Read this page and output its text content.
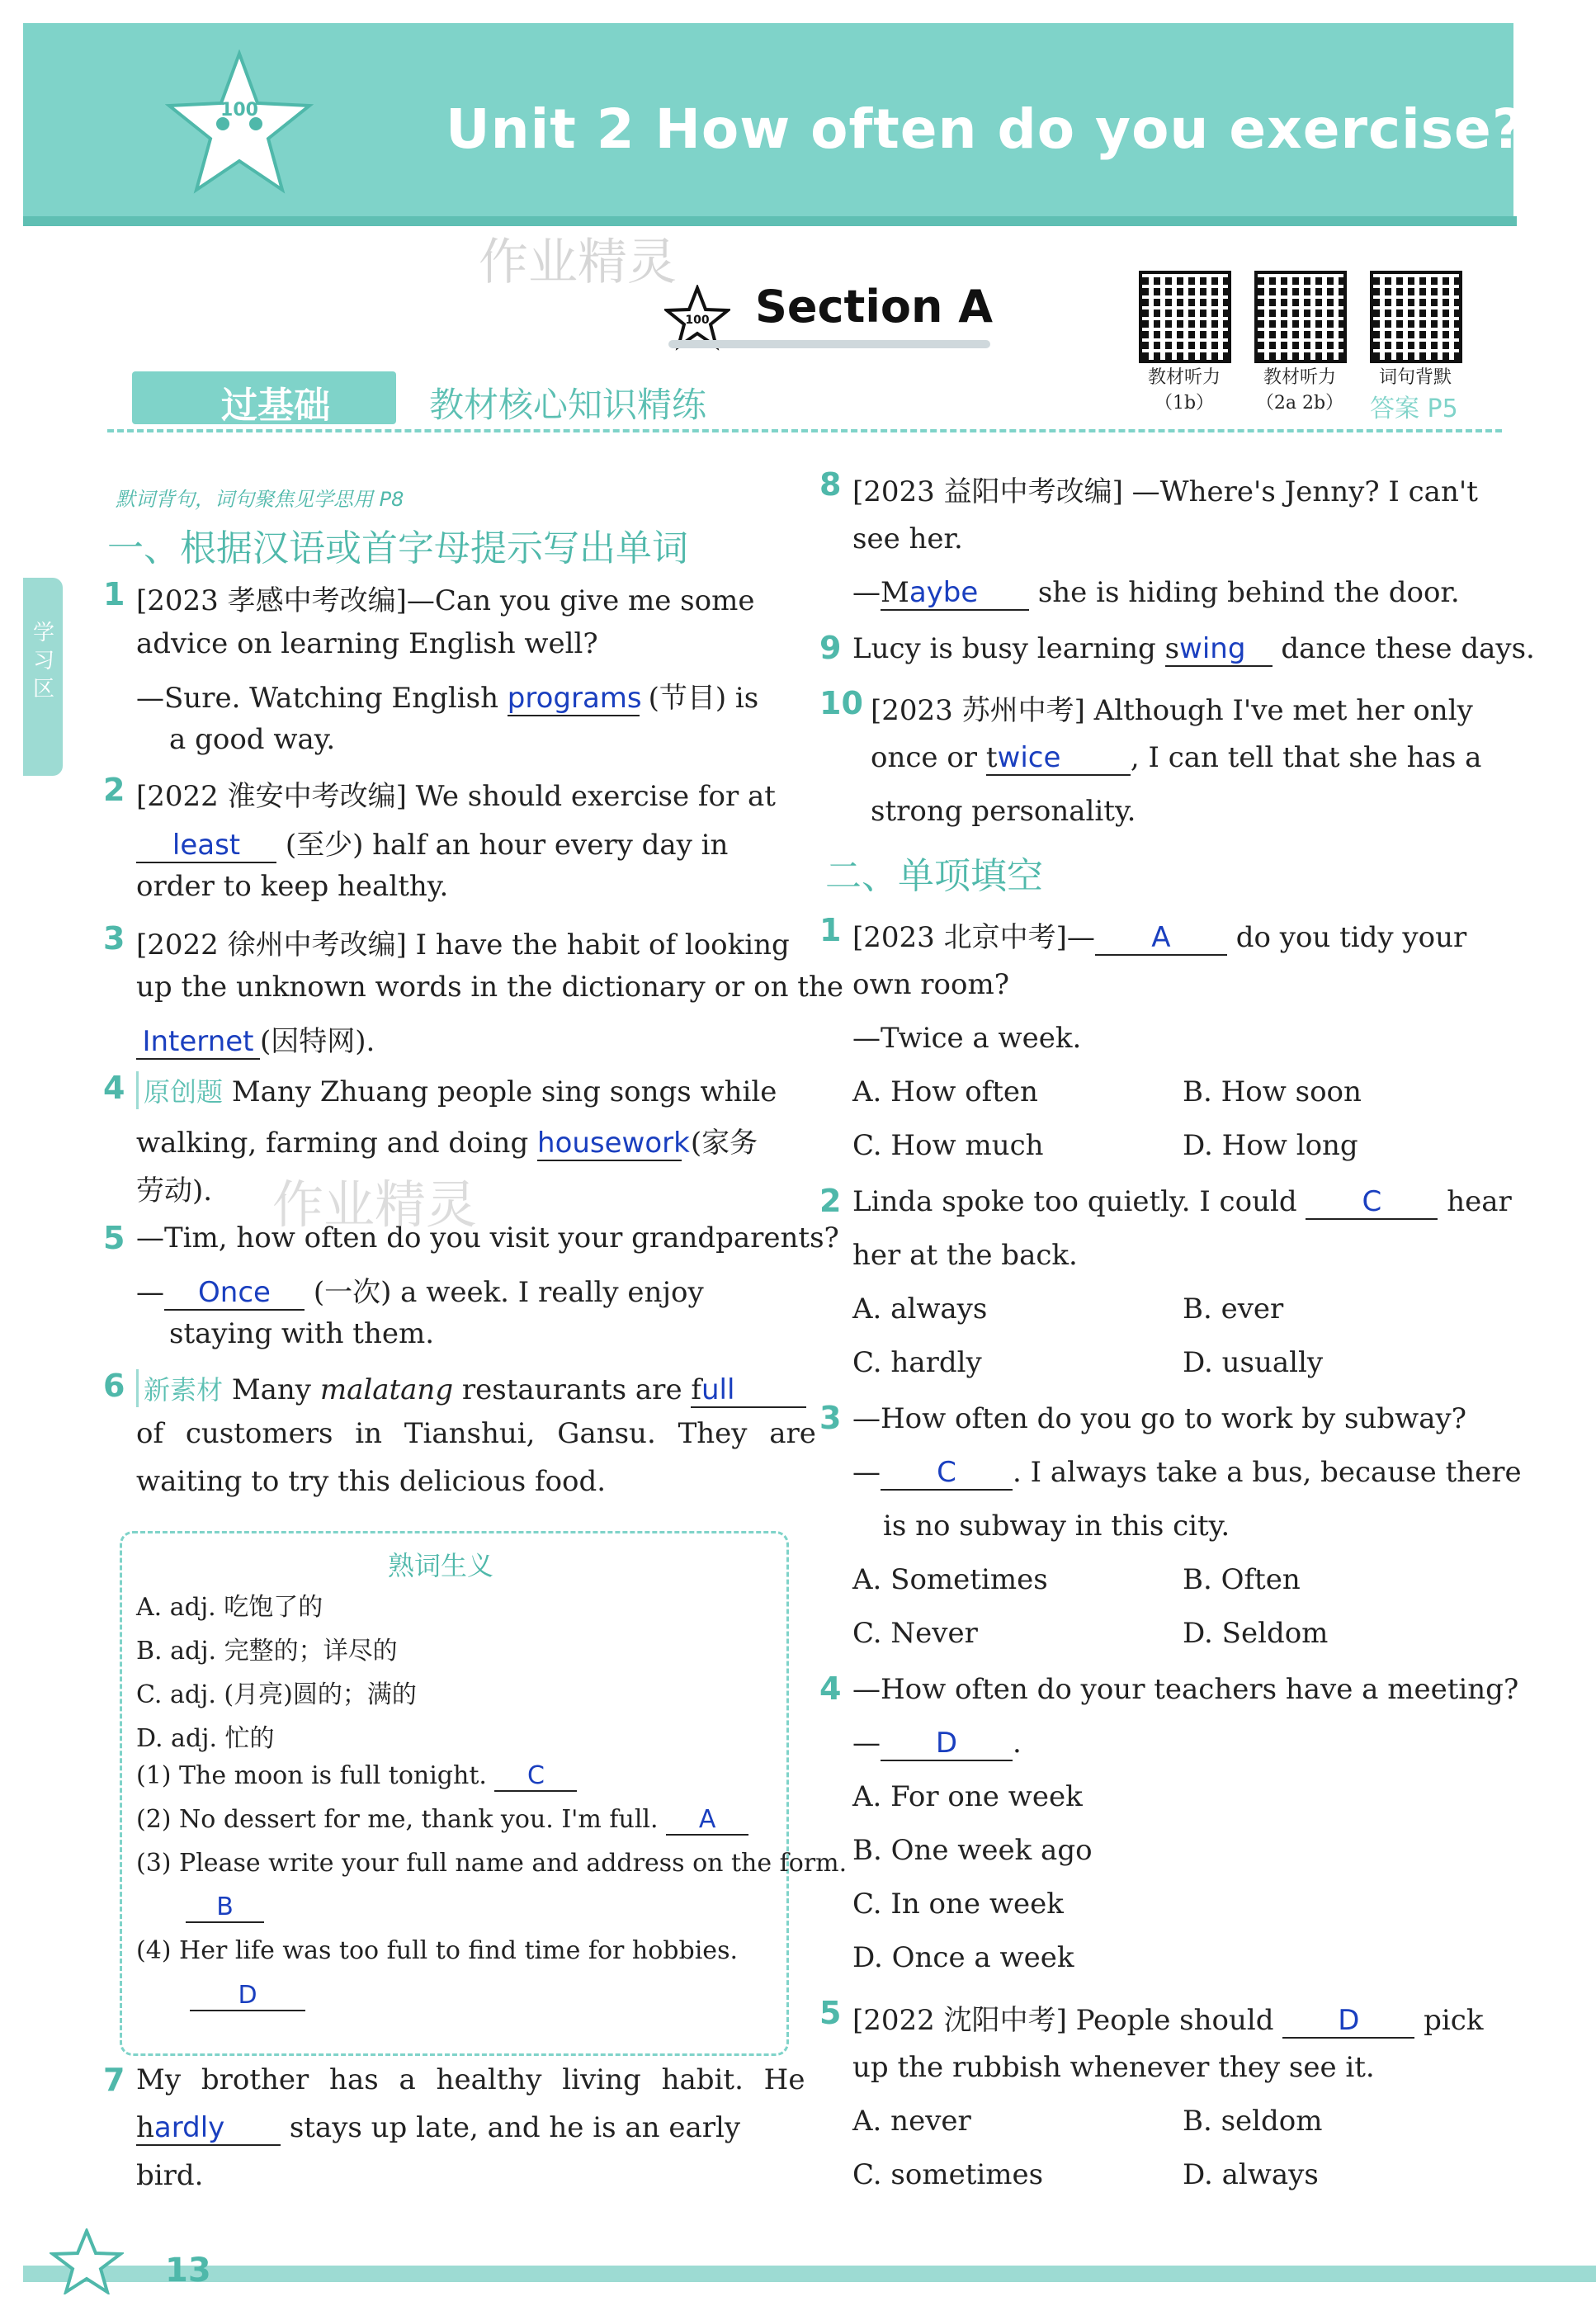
100	Unit 2 How often do you exercise?
作业精灵
100 Section A
教材听力
（1b）
教材听力
（2a 2b）
词句背默
过基础	教材核心知识精练	答案 P5
学习区
默词背句，词句聚焦见学思用 P8
一、根据汉语或首字母提示写出单词
1 [2023 孝感中考改编]—Can you give me some
advice on learning English well?
—Sure. Watching English programs (节目) is
a good way.
2 [2022 淮安中考改编] We should exercise for at
least (至少) half an hour every day in
order to keep healthy.
3 [2022 徐州中考改编] I have the habit of looking
up the unknown words in the dictionary or on the
Internet (因特网).
4 原创题 Many Zhuang people sing songs while
walking, farming and doing housework (家务
劳动). 作业精灵
5 —Tim, how often do you visit your grandparents?
— Once (一次) a week. I really enjoy
staying with them.
6 新素材 Many malatang restaurants are full
of customers in Tianshui, Gansu. They are
waiting to try this delicious food.
熟词生义
A. adj. 吃饱了的
B. adj. 完整的；详尽的
C. adj. (月亮)圆的；满的
D. adj. 忙的
(1) The moon is full tonight. C
(2) No dessert for me, thank you. I'm full. A
(3) Please write your full name and address on the form.
B
(4) Her life was too full to find time for hobbies.
D
7 My brother has a healthy living habit. He
hardly stays up late, and he is an early
bird.
8 [2023 益阳中考改编] —Where's Jenny? I can't
see her.
—Maybe she is hiding behind the door.
9 Lucy is busy learning swing dance these days.
10 [2023 苏州中考] Although I've met her only
once or twice , I can tell that she has a
strong personality.
二、单项填空
1 [2023 北京中考]— A do you tidy your
own room?
—Twice a week.
A. How often	B. How soon
C. How much	D. How long
2 Linda spoke too quietly. I could C hear
her at the back.
A. always	B. ever
C. hardly	D. usually
3 —How often do you go to work by subway?
— C . I always take a bus, because there
is no subway in this city.
A. Sometimes	B. Often
C. Never	D. Seldom
4 —How often do your teachers have a meeting?
— D .
A. For one week
B. One week ago
C. In one week
D. Once a week
5 [2022 沈阳中考] People should D pick
up the rubbish whenever they see it.
A. never	B. seldom
C. sometimes	D. always
13
